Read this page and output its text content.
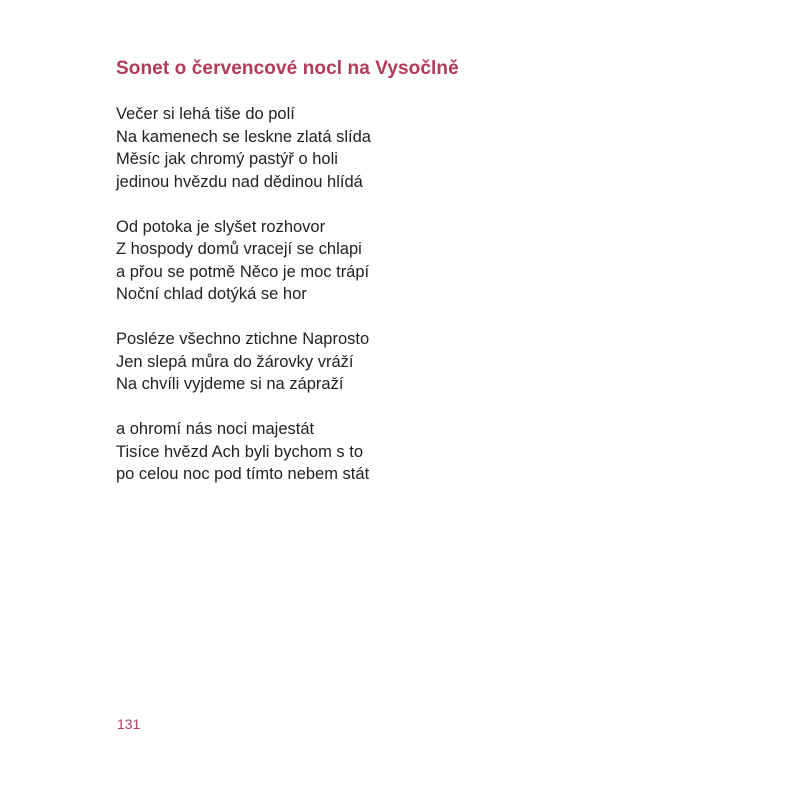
Sonet o červencové nocl na Vysočlně
Večer si lehá tiše do polí
Na kamenech se leskne zlatá slída
Měsíc jak chromý pastýř o holi
jedinou hvězdu nad dědinou hlídá
Od potoka je slyšet rozhovor
Z hospody domů vracejí se chlapi
a přou se potmě Něco je moc trápí
Noční chlad dotýká se hor
Posléze všechno ztichne Naprosto
Jen slepá můra do žárovky vráží
Na chvíli vyjdeme si na zápraží
a ohromí nás noci majestát
Tisíce hvězd Ach byli bychom s to
po celou noc pod tímto nebem stát
131
